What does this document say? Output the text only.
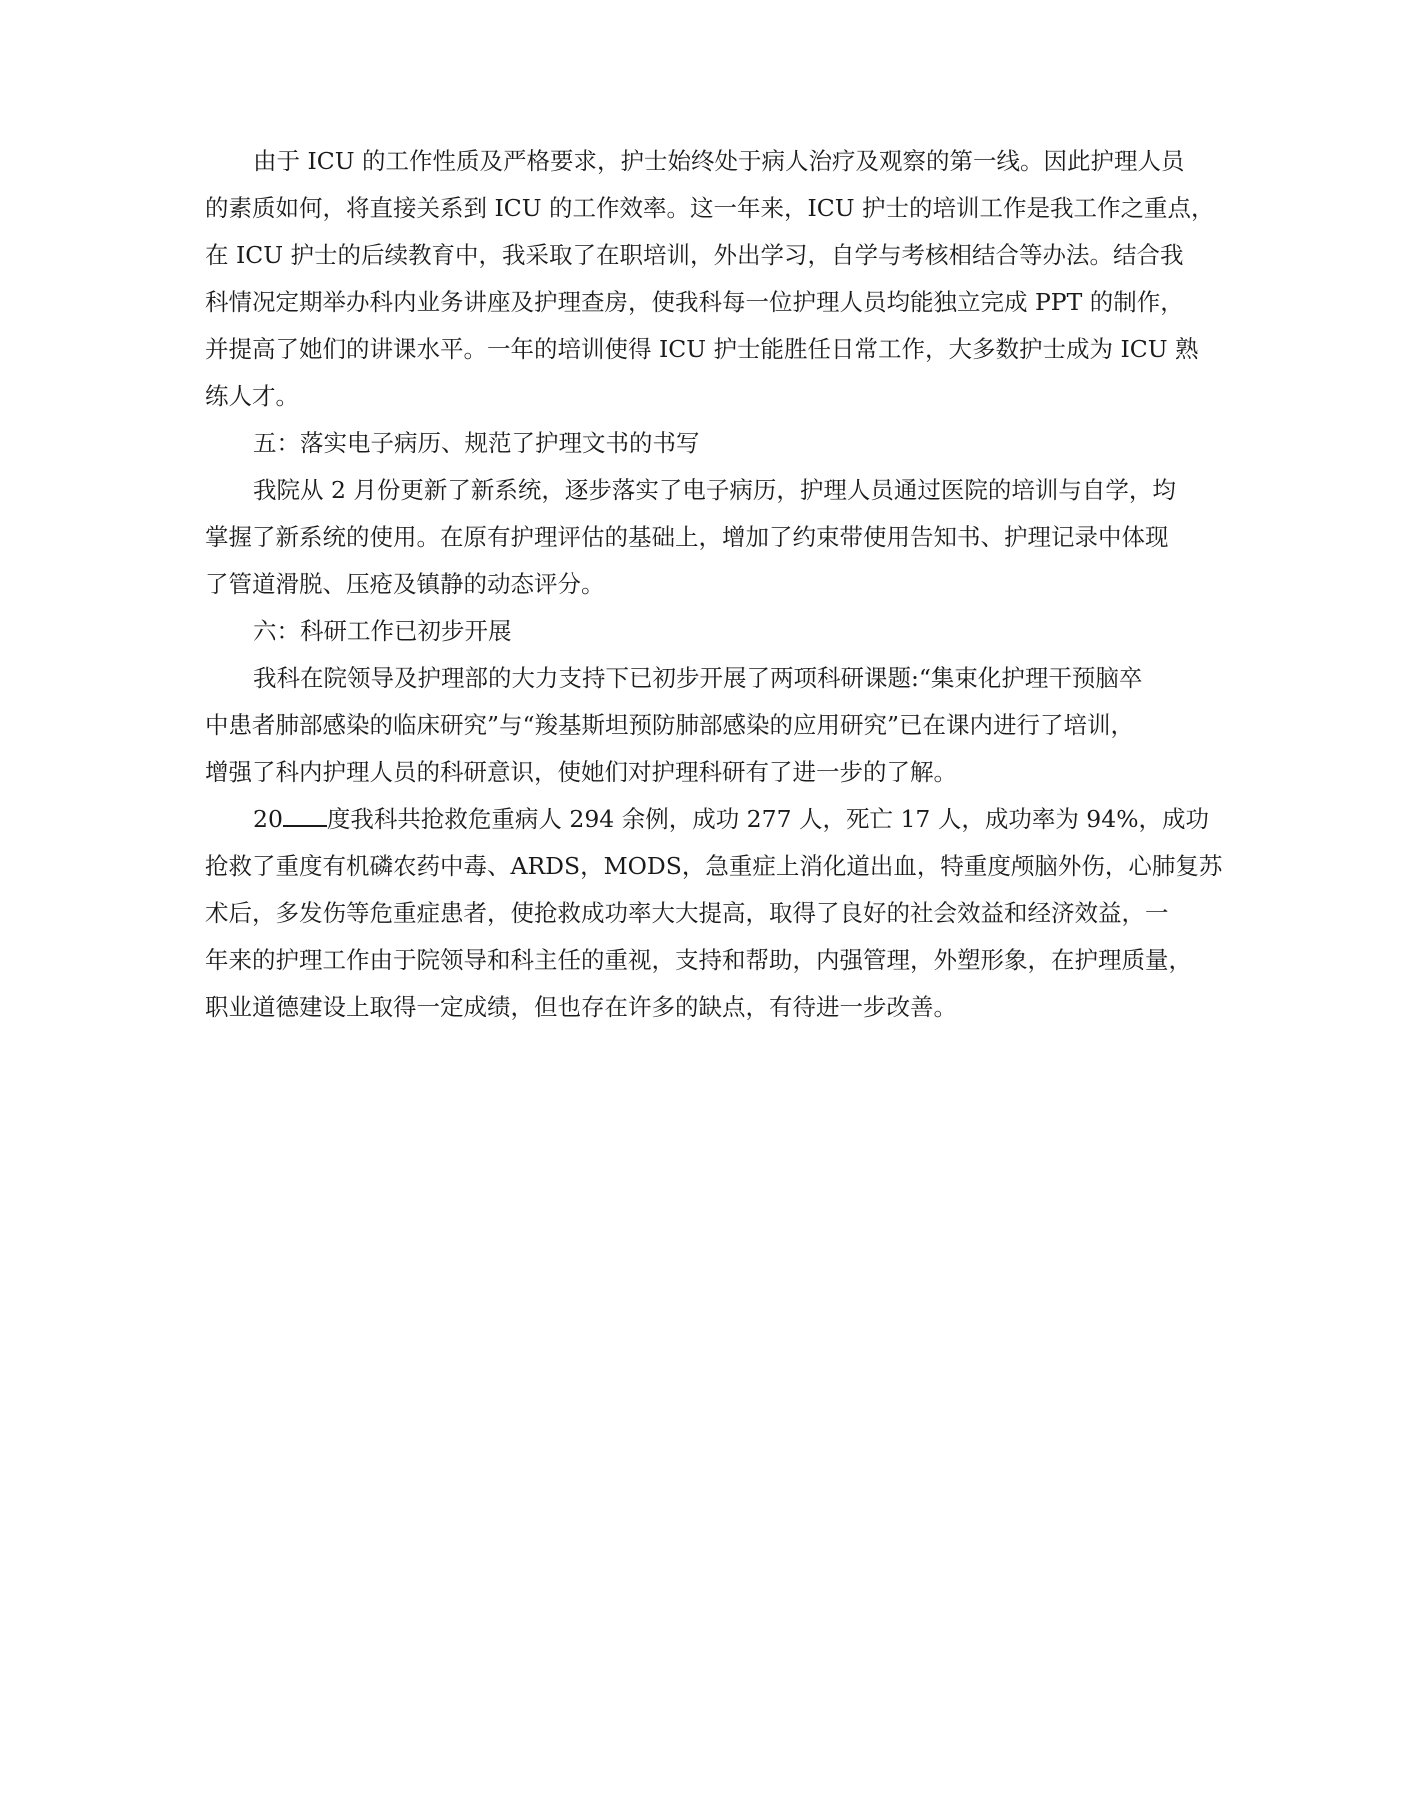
由于 ICU 的工作性质及严格要求，护士始终处于病人治疗及观察的第一线。因此护理人员
的素质如何，将直接关系到 ICU 的工作效率。这一年来，ICU 护士的培训工作是我工作之重点，
在 ICU 护士的后续教育中，我采取了在职培训，外出学习，自学与考核相结合等办法。结合我
科情况定期举办科内业务讲座及护理查房，使我科每一位护理人员均能独立完成 PPT 的制作，
并提高了她们的讲课水平。一年的培训使得 ICU 护士能胜任日常工作，大多数护士成为 ICU 熟
练人才。
五：落实电子病历、规范了护理文书的书写
我院从 2 月份更新了新系统，逐步落实了电子病历，护理人员通过医院的培训与自学，均
掌握了新系统的使用。在原有护理评估的基础上，增加了约束带使用告知书、护理记录中体现
了管道滑脱、压疮及镇静的动态评分。
六：科研工作已初步开展
我科在院领导及护理部的大力支持下已初步开展了两项科研课题:“集束化护理干预脑卒
中患者肺部感染的临床研究”与“羧基斯坦预防肺部感染的应用研究”已在课内进行了培训，
增强了科内护理人员的科研意识，使她们对护理科研有了进一步的了解。
20 度我科共抢救危重病人 294 余例，成功 277 人，死亡 17 人，成功率为 94%，成功
抢救了重度有机磷农药中毒、ARDS，MODS，急重症上消化道出血，特重度颅脑外伤，心肺复苏
术后，多发伤等危重症患者，使抢救成功率大大提高，取得了良好的社会效益和经济效益，一
年来的护理工作由于院领导和科主任的重视，支持和帮助，内强管理，外塑形象，在护理质量，
职业道德建设上取得一定成绩，但也存在许多的缺点，有待进一步改善。
